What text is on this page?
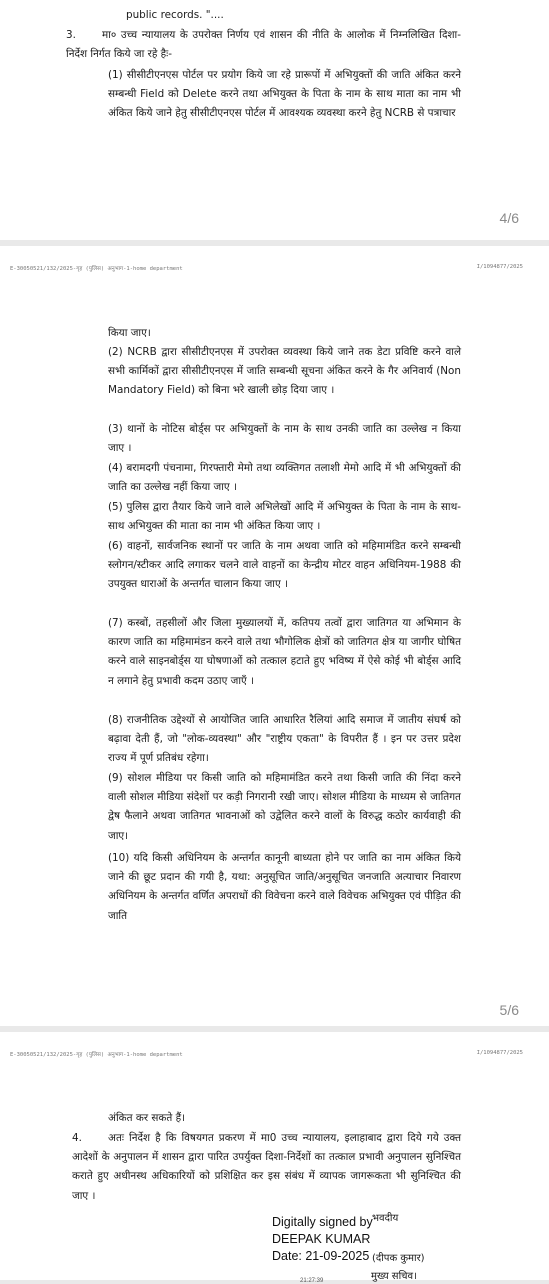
public records. "....

3.	मा० उच्च न्यायालय के उपरोक्त निर्णय एवं शासन की नीति के आलोक में निम्नलिखित दिशा-निर्देश निर्गत किये जा रहे हैः-

(1) सीसीटीएनएस पोर्टल पर प्रयोग किये जा रहे प्रारूपों में अभियुक्तों की जाति अंकित करने सम्बन्धी Field को Delete करने तथा अभियुक्त के पिता के नाम के साथ माता का नाम भी अंकित किये जाने हेतु सीसीटीएनएस पोर्टल में आवश्यक व्यवस्था करने हेतु NCRB से पत्राचार

4/6
E-30050521/132/2025-गृह (पुलिस) अनुभाग-1-home department	I/1094877/2025

किया जाए।

(2) NCRB द्वारा सीसीटीएनएस में उपरोक्त व्यवस्था किये जाने तक डेटा प्रविष्टि करने वाले सभी कार्मिकों द्वारा सीसीटीएनएस में जाति सम्बन्धी सूचना अंकित करने के गैर अनिवार्य (Non Mandatory Field) को बिना भरे खाली छोड़ दिया जाए ।

(3) थानों के नोटिस बोर्ड्स पर अभियुक्तों के नाम के साथ उनकी जाति का उल्लेख न किया जाए ।

(4) बरामदगी पंचनामा, गिरफ्तारी मेमो तथा व्यक्तिगत तलाशी मेमो आदि में भी अभियुक्तों की जाति का उल्लेख नहीं किया जाए ।

(5) पुलिस द्वारा तैयार किये जाने वाले अभिलेखों आदि में अभियुक्त के पिता के नाम के साथ-साथ अभियुक्त की माता का नाम भी अंकित किया जाए ।

(6) वाहनों, सार्वजनिक स्थानों पर जाति के नाम अथवा जाति को महिमामंडित करने सम्बन्धी स्लोगन/स्टीकर आदि लगाकर चलने वाले वाहनों का केन्द्रीय मोटर वाहन अधिनियम-1988 की उपयुक्त धाराओं के अन्तर्गत चालान किया जाए ।

(7) कस्बों, तहसीलों और जिला मुख्यालयों में, कतिपय तत्वों द्वारा जातिगत या अभिमान के कारण जाति का महिमामंडन करने वाले तथा भौगोलिक क्षेत्रों को जातिगत क्षेत्र या जागीर घोषित करने वाले साइनबोर्ड्स या घोषणाओं को तत्काल हटाते हुए भविष्य में ऐसे कोई भी बोर्ड्स आदि न लगाने हेतु प्रभावी कदम उठाए जाएँ ।

(8) राजनीतिक उद्देश्यों से आयोजित जाति आधारित रैलियां आदि समाज में जातीय संघर्ष को बढ़ावा देती हैं, जो "लोक-व्यवस्था" और "राष्ट्रीय एकता" के विपरीत हैं । इन पर उत्तर प्रदेश राज्य में पूर्ण प्रतिबंध रहेगा।

(9) सोशल मीडिया पर किसी जाति को महिमामंडित करने तथा किसी जाति की निंदा करने वाली सोशल मीडिया संदेशों पर कड़ी निगरानी रखी जाए। सोशल मीडिया के माध्यम से जातिगत द्वेष फैलाने अथवा जातिगत भावनाओं को उद्वेलित करने वालों के विरुद्ध कठोर कार्यवाही की जाए।

(10) यदि किसी अधिनियम के अन्तर्गत कानूनी बाध्यता होने पर जाति का नाम अंकित किये जाने की छूट प्रदान की गयी है, यथा: अनुसूचित जाति/अनुसूचित जनजाति अत्याचार निवारण अधिनियम के अन्तर्गत वर्णित अपराधों की विवेचना करने वाले विवेचक अभियुक्त एवं पीड़ित की जाति

5/6
E-30050521/132/2025-गृह (पुलिस) अनुभाग-1-home department	I/1094877/2025

अंकित कर सकते हैं।

4.	अतः निर्देश है कि विषयगत प्रकरण में मा0 उच्च न्यायालय, इलाहाबाद द्वारा दिये गये उक्त आदेशों के अनुपालन में शासन द्वारा पारित उपर्युक्त दिशा-निर्देशों का तत्काल प्रभावी अनुपालन सुनिश्चित कराते हुए अधीनस्थ अधिकारियों को प्रशिक्षित कर इस संबंध में व्यापक जागरूकता भी सुनिश्चित की जाए ।

भवदीय
Digitally signed by
DEEPAK KUMAR
Date: 21-09-2025
21:27:39
(दीपक कुमार)
मुख्य सचिव।
